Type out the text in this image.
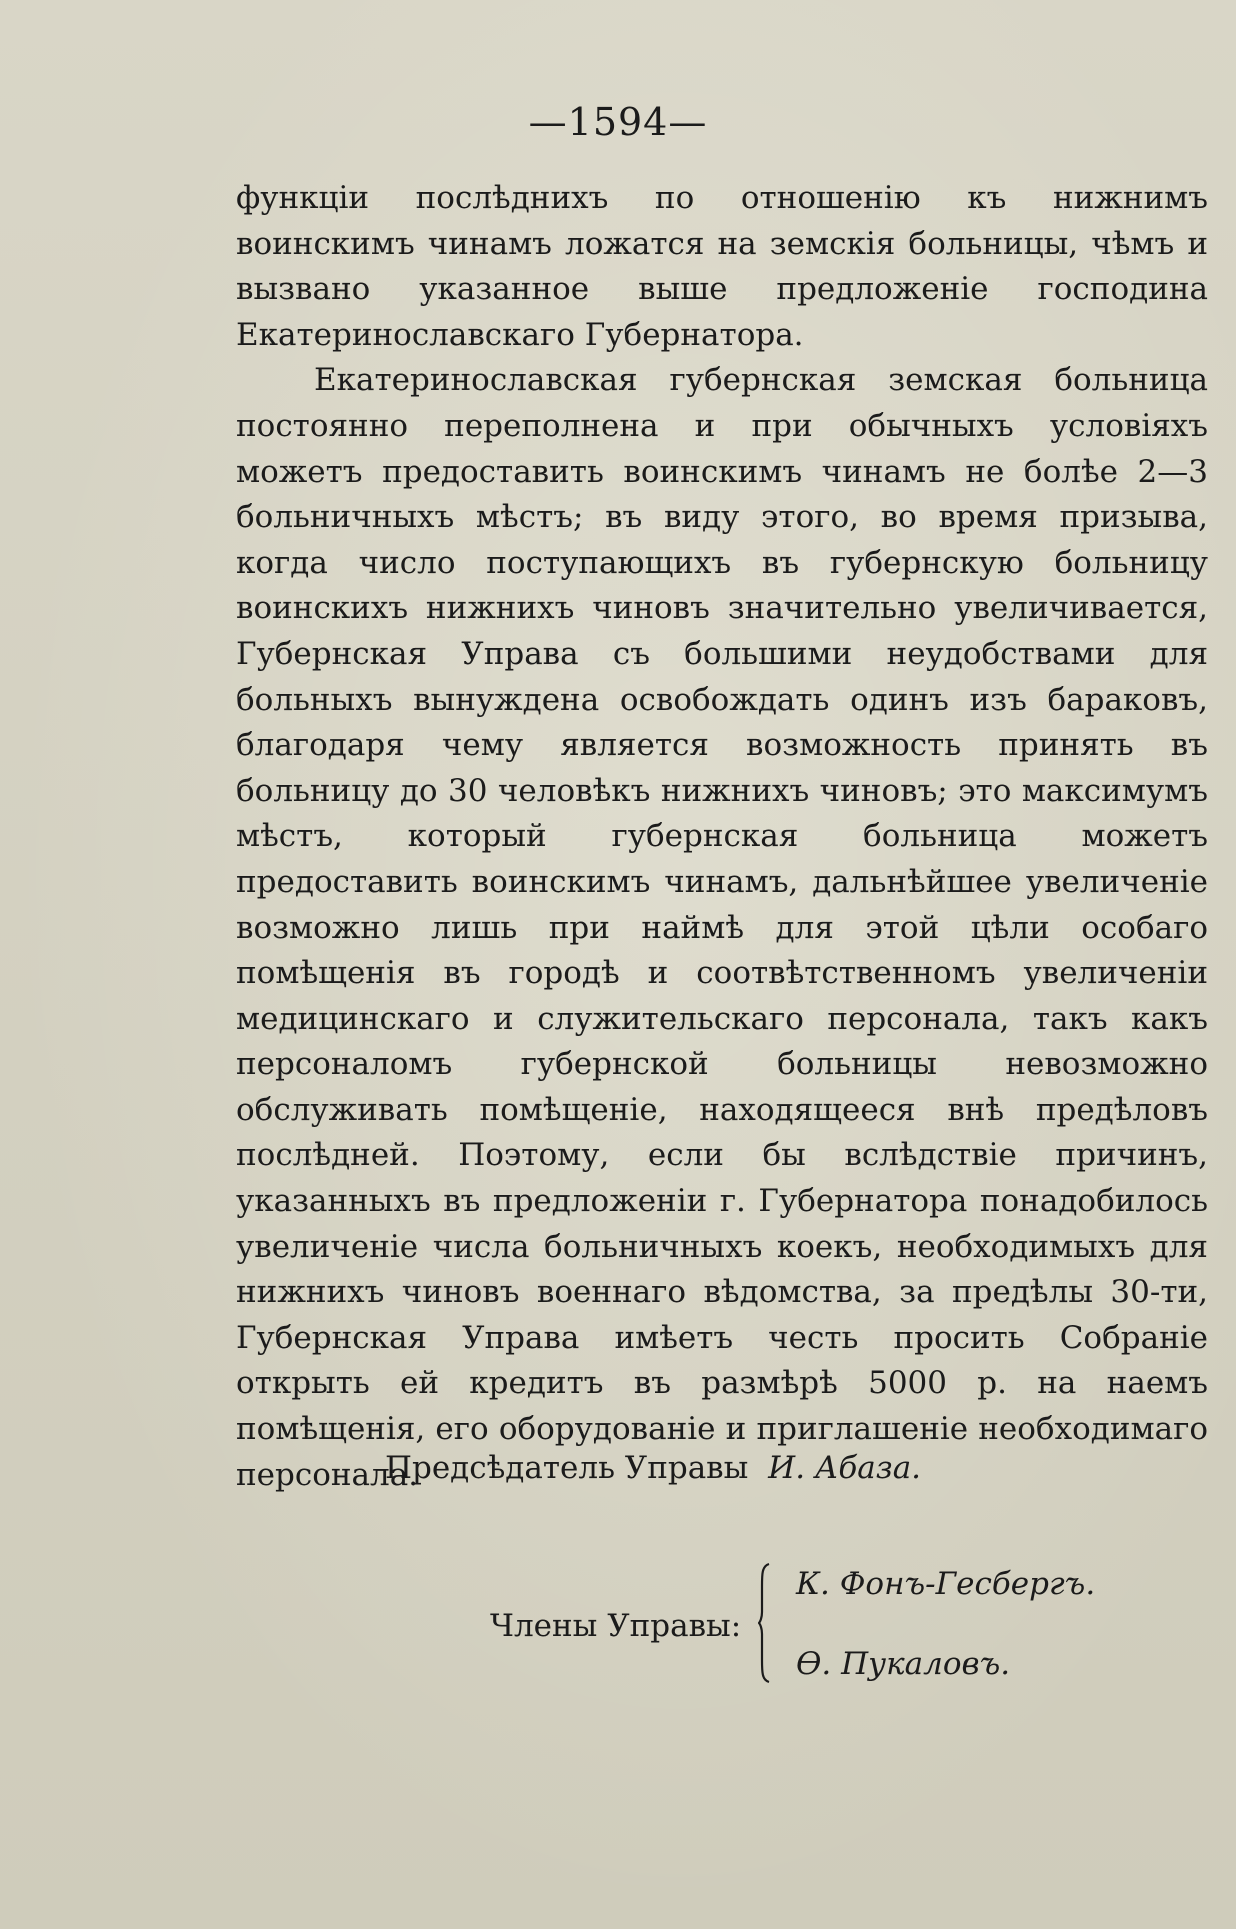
—1594—

функціи послѣднихъ по отношенію къ нижнимъ воинскимъ чинамъ ложатся на земскія больницы, чѣмъ и вызвано указанное выше предложеніе господина Екатеринославскаго Губернатора.

Екатеринославская губернская земская больница постоянно переполнена и при обычныхъ условіяхъ можетъ предоставить воинскимъ чинамъ не болѣе 2—3 больничныхъ мѣстъ; въ виду этого, во время призыва, когда число поступающихъ въ губернскую больницу воинскихъ нижнихъ чиновъ значительно увеличивается, Губернская Управа съ большими неудобствами для больныхъ вынуждена освобождать одинъ изъ бараковъ, благодаря чему является возможность принять въ больницу до 30 человѣкъ нижнихъ чиновъ; это максимумъ мѣстъ, который губернская больница можетъ предоставить воинскимъ чинамъ, дальнѣйшее увеличеніе возможно лишь при наймѣ для этой цѣли особаго помѣщенія въ городѣ и соотвѣтственномъ увеличеніи медицинскаго и служительскаго персонала, такъ какъ персоналомъ губернской больницы невозможно обслуживать помѣщеніе, находящееся внѣ предѣловъ послѣдней. Поэтому, если бы вслѣдствіе причинъ, указанныхъ въ предложеніи г. Губернатора понадобилось увеличеніе числа больничныхъ коекъ, необходимыхъ для нижнихъ чиновъ военнаго вѣдомства, за предѣлы 30-ти, Губернская Управа имѣетъ честь просить Собраніе открыть ей кредитъ въ размѣрѣ 5000 р. на наемъ помѣщенія, его оборудованіе и приглашеніе необходимаго персонала.

Предсѣдатель Управы И. Абаза.
Члены Управы:
К. Фонъ-Гесбергъ.
Ѳ. Пукаловъ.
